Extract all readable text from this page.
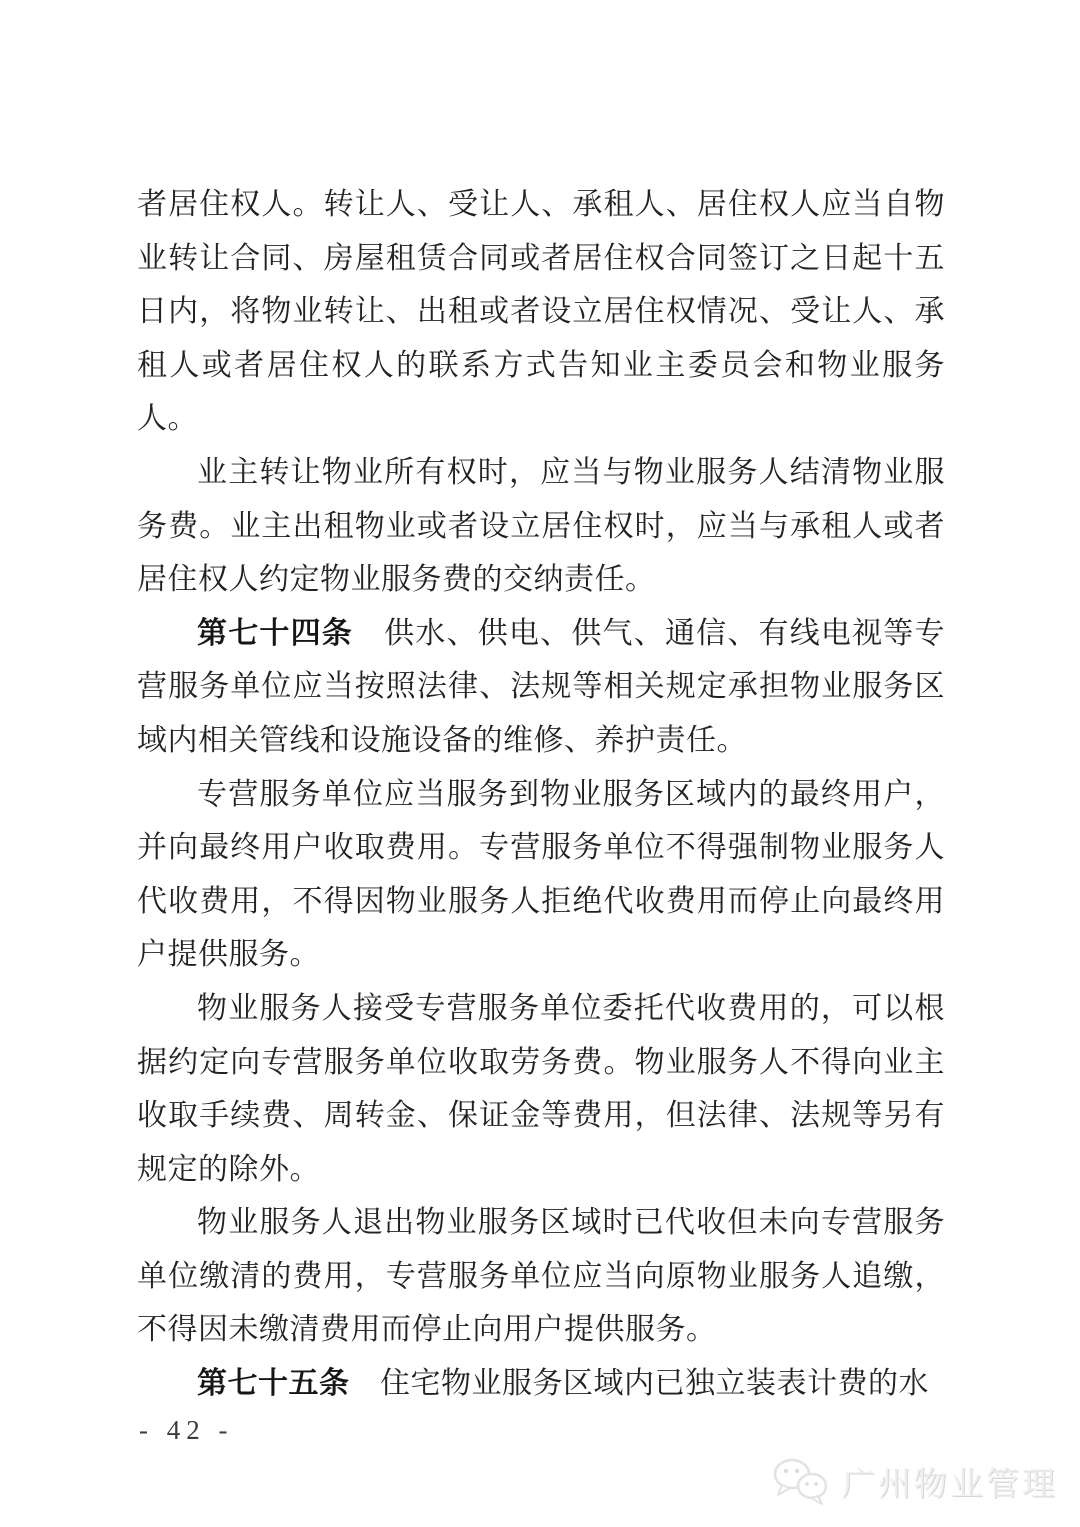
者居住权人。转让人、受让人、承租人、居住权人应当自物业转让合同、房屋租赁合同或者居住权合同签订之日起十五日内，将物业转让、出租或者设立居住权情况、受让人、承租人或者居住权人的联系方式告知业主委员会和物业服务人。

业主转让物业所有权时，应当与物业服务人结清物业服务费。业主出租物业或者设立居住权时，应当与承租人或者居住权人约定物业服务费的交纳责任。

第七十四条　供水、供电、供气、通信、有线电视等专营服务单位应当按照法律、法规等相关规定承担物业服务区域内相关管线和设施设备的维修、养护责任。

专营服务单位应当服务到物业服务区域内的最终用户，并向最终用户收取费用。专营服务单位不得强制物业服务人代收费用，不得因物业服务人拒绝代收费用而停止向最终用户提供服务。

物业服务人接受专营服务单位委托代收费用的，可以根据约定向专营服务单位收取劳务费。物业服务人不得向业主收取手续费、周转金、保证金等费用，但法律、法规等另有规定的除外。

物业服务人退出物业服务区域时已代收但未向专营服务单位缴清的费用，专营服务单位应当向原物业服务人追缴，不得因未缴清费用而停止向用户提供服务。

第七十五条　住宅物业服务区域内已独立装表计费的水

- 42 -
广州物业管理
